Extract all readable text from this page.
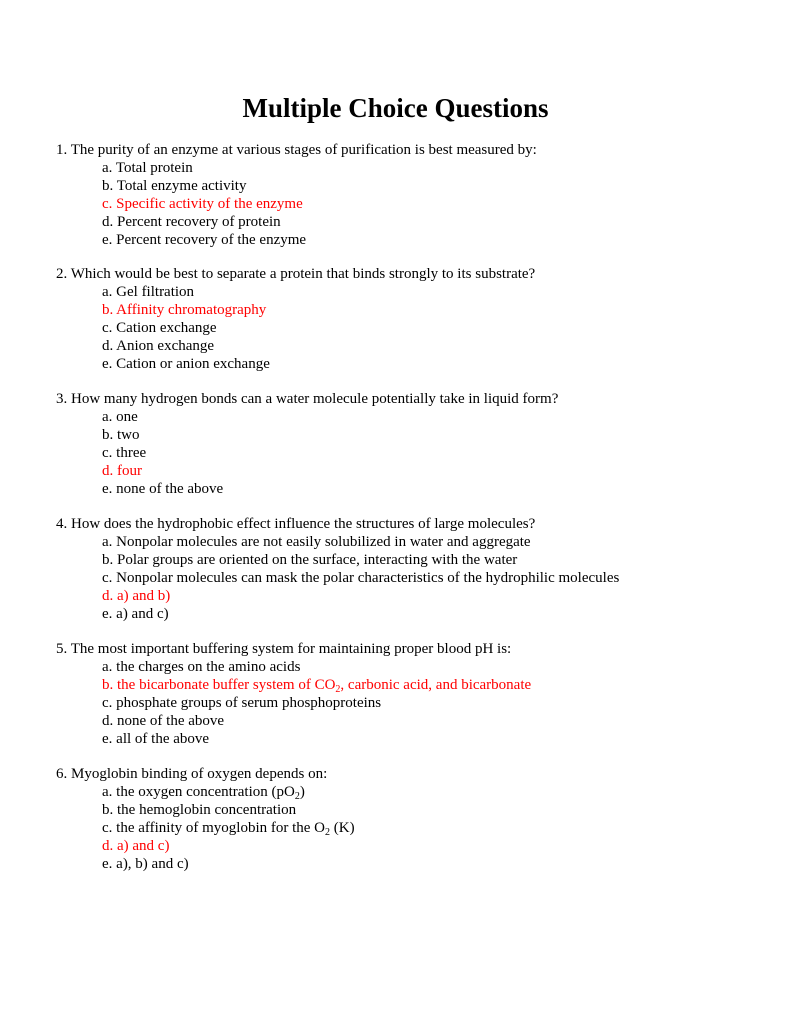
Multiple Choice Questions
1. The purity of an enzyme at various stages of purification is best measured by:
a. Total protein
b. Total enzyme activity
c. Specific activity of the enzyme
d. Percent recovery of protein
e. Percent recovery of the enzyme
2. Which would be best to separate a protein that binds strongly to its substrate?
a. Gel filtration
b. Affinity chromatography
c. Cation exchange
d. Anion exchange
e. Cation or anion exchange
3. How many hydrogen bonds can a water molecule potentially take in liquid form?
a. one
b. two
c. three
d. four
e. none of the above
4. How does the hydrophobic effect influence the structures of large molecules?
a. Nonpolar molecules are not easily solubilized in water and aggregate
b. Polar groups are oriented on the surface, interacting with the water
c. Nonpolar molecules can mask the polar characteristics of the hydrophilic molecules
d. a) and b)
e. a) and c)
5. The most important buffering system for maintaining proper blood pH is:
a. the charges on the amino acids
b. the bicarbonate buffer system of $CO_2$, carbonic acid, and bicarbonate
c. phosphate groups of serum phosphoproteins
d. none of the above
e. all of the above
6. Myoglobin binding of oxygen depends on:
a. the oxygen concentration $(pO_2)$
b. the hemoglobin concentration
c. the affinity of myoglobin for the $O_2$ (K)
d. a) and c)
e. a), b) and c)
